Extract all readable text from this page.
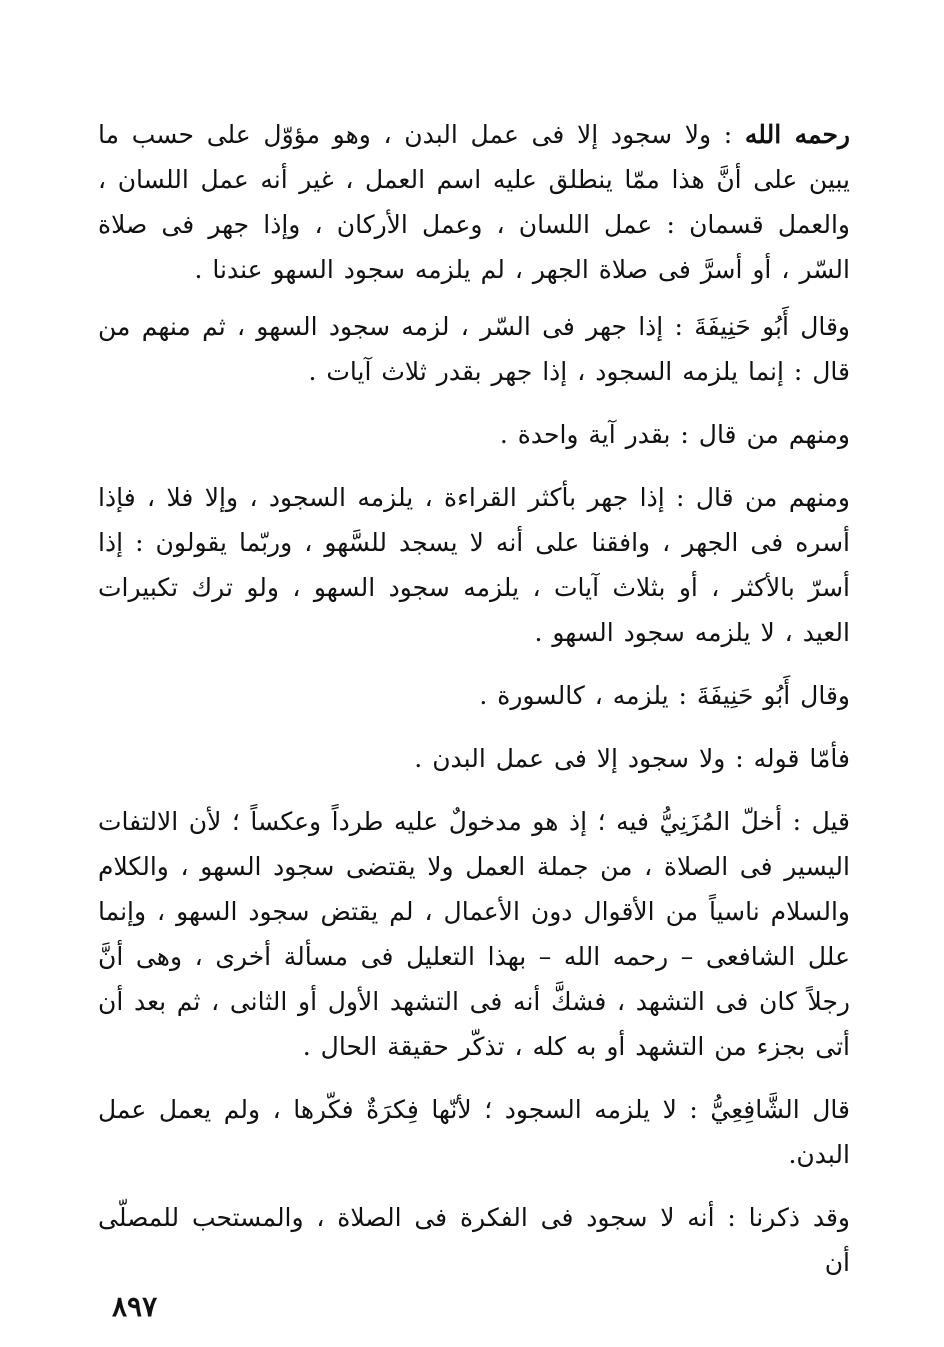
رحمه الله : ولا سجود إلا فى عمل البدن ، وهو مؤوّل على حسب ما يبين على أنَّ هذا ممّا ينطلق عليه اسم العمل ، غير أنه عمل اللسان ، والعمل قسمان : عمل اللسان ، وعمل الأركان ، وإذا جهر فى صلاة السّر ، أو أسرَّ فى صلاة الجهر ، لم يلزمه سجود السهو عندنا .

وقال أَبُو حَنِيفَةَ : إذا جهر فى السّر ، لزمه سجود السهو ، ثم منهم من قال : إنما يلزمه السجود ، إذا جهر بقدر ثلاث آيات .

ومنهم من قال : بقدر آية واحدة .

ومنهم من قال : إذا جهر بأكثر القراءة ، يلزمه السجود ، وإلا فلا ، فإذا أسره فى الجهر ، وافقنا على أنه لا يسجد للسَّهو ، وربّما يقولون : إذا أسرّ بالأكثر ، أو بثلاث آيات ، يلزمه سجود السهو ، ولو ترك تكبيرات العيد ، لا يلزمه سجود السهو .

وقال أَبُو حَنِيفَةَ : يلزمه ، كالسورة .

فأمّا قوله : ولا سجود إلا فى عمل البدن .

قيل : أخلّ المُزَنِيُّ فيه ؛ إذ هو مدخولٌ عليه طرداً وعكساً ؛ لأن الالتفات اليسير فى الصلاة ، من جملة العمل ولا يقتضى سجود السهو ، والكلام والسلام ناسياً من الأقوال دون الأعمال ، لم يقتض سجود السهو ، وإنما علل الشافعى – رحمه الله – بهذا التعليل فى مسألة أخرى ، وهى أنَّ رجلاً كان فى التشهد ، فشكَّ أنه فى التشهد الأول أو الثانى ، ثم بعد أن أتى بجزء من التشهد أو به كله ، تذكّر حقيقة الحال .

قال الشَّافِعِيُّ : لا يلزمه السجود ؛ لأنّها فِكرَةٌ فكّرها ، ولم يعمل عمل البدن.

وقد ذكرنا : أنه لا سجود فى الفكرة فى الصلاة ، والمستحب للمصلّى أن

٨٩٧
